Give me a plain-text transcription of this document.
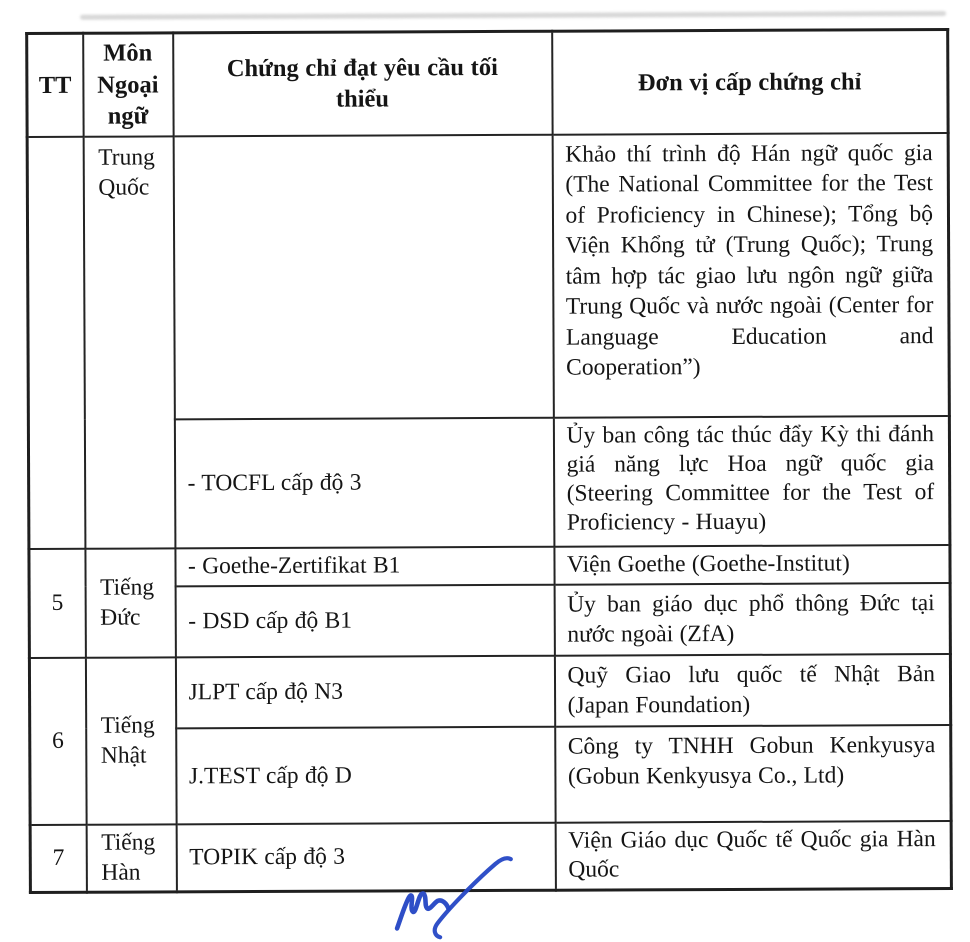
TT	Môn Ngoại ngữ	Chứng chỉ đạt yêu cầu tối thiểu	Đơn vị cấp chứng chỉ
	Trung Quốc		Khảo thí trình độ Hán ngữ quốc gia (The National Committee for the Test of Proficiency in Chinese); Tổng bộ Viện Khổng tử (Trung Quốc); Trung tâm hợp tác giao lưu ngôn ngữ giữa Trung Quốc và nước ngoài (Center for Language Education and Cooperation”)
		- TOCFL cấp độ 3	Ủy ban công tác thúc đẩy Kỳ thi đánh giá năng lực Hoa ngữ quốc gia (Steering Committee for the Test of Proficiency - Huayu)
5	Tiếng Đức	- Goethe-Zertifikat B1	Viện Goethe (Goethe-Institut)
		- DSD cấp độ B1	Ủy ban giáo dục phổ thông Đức tại nước ngoài (ZfA)
6	Tiếng Nhật	JLPT cấp độ N3	Quỹ Giao lưu quốc tế Nhật Bản (Japan Foundation)
		J.TEST cấp độ D	Công ty TNHH Gobun Kenkyusya (Gobun Kenkyusya Co., Ltd)
7	Tiếng Hàn	TOPIK cấp độ 3	Viện Giáo dục Quốc tế Quốc gia Hàn Quốc
